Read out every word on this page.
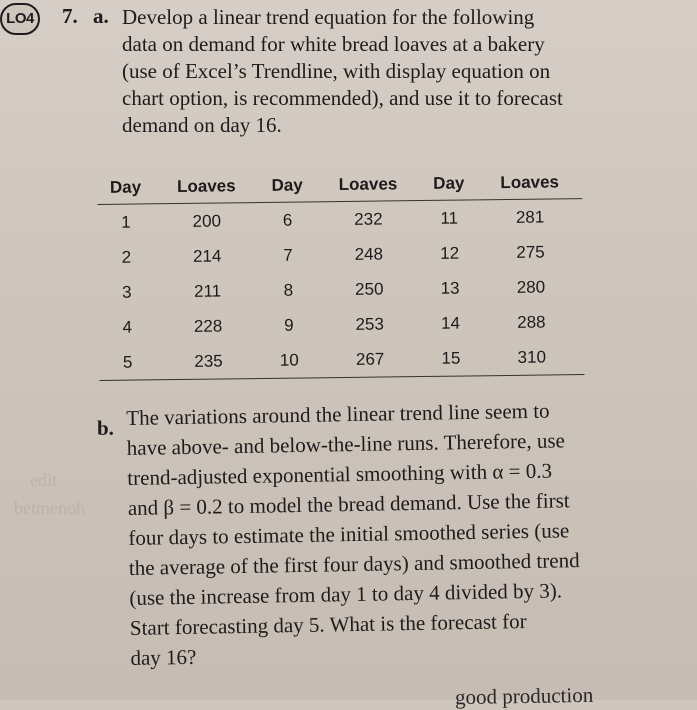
edit
betmenoh
LO4 7. a. Develop a linear trend equation for the following
data on demand for white bread loaves at a bakery
(use of Excel’s Trendline, with display equation on
chart option, is recommended), and use it to forecast
demand on day 16.
Day	Loaves	Day	Loaves	Day	Loaves
1	200	6	232	11	281
2	214	7	248	12	275
3	211	8	250	13	280
4	228	9	253	14	288
5	235	10	267	15	310
b. The variations around the linear trend line seem to
have above- and below-the-line runs. Therefore, use
trend-adjusted exponential smoothing with α = 0.3
and β = 0.2 to model the bread demand. Use the first
four days to estimate the initial smoothed series (use
the average of the first four days) and smoothed trend
(use the increase from day 1 to day 4 divided by 3).
Start forecasting day 5. What is the forecast for
day 16?
good production
